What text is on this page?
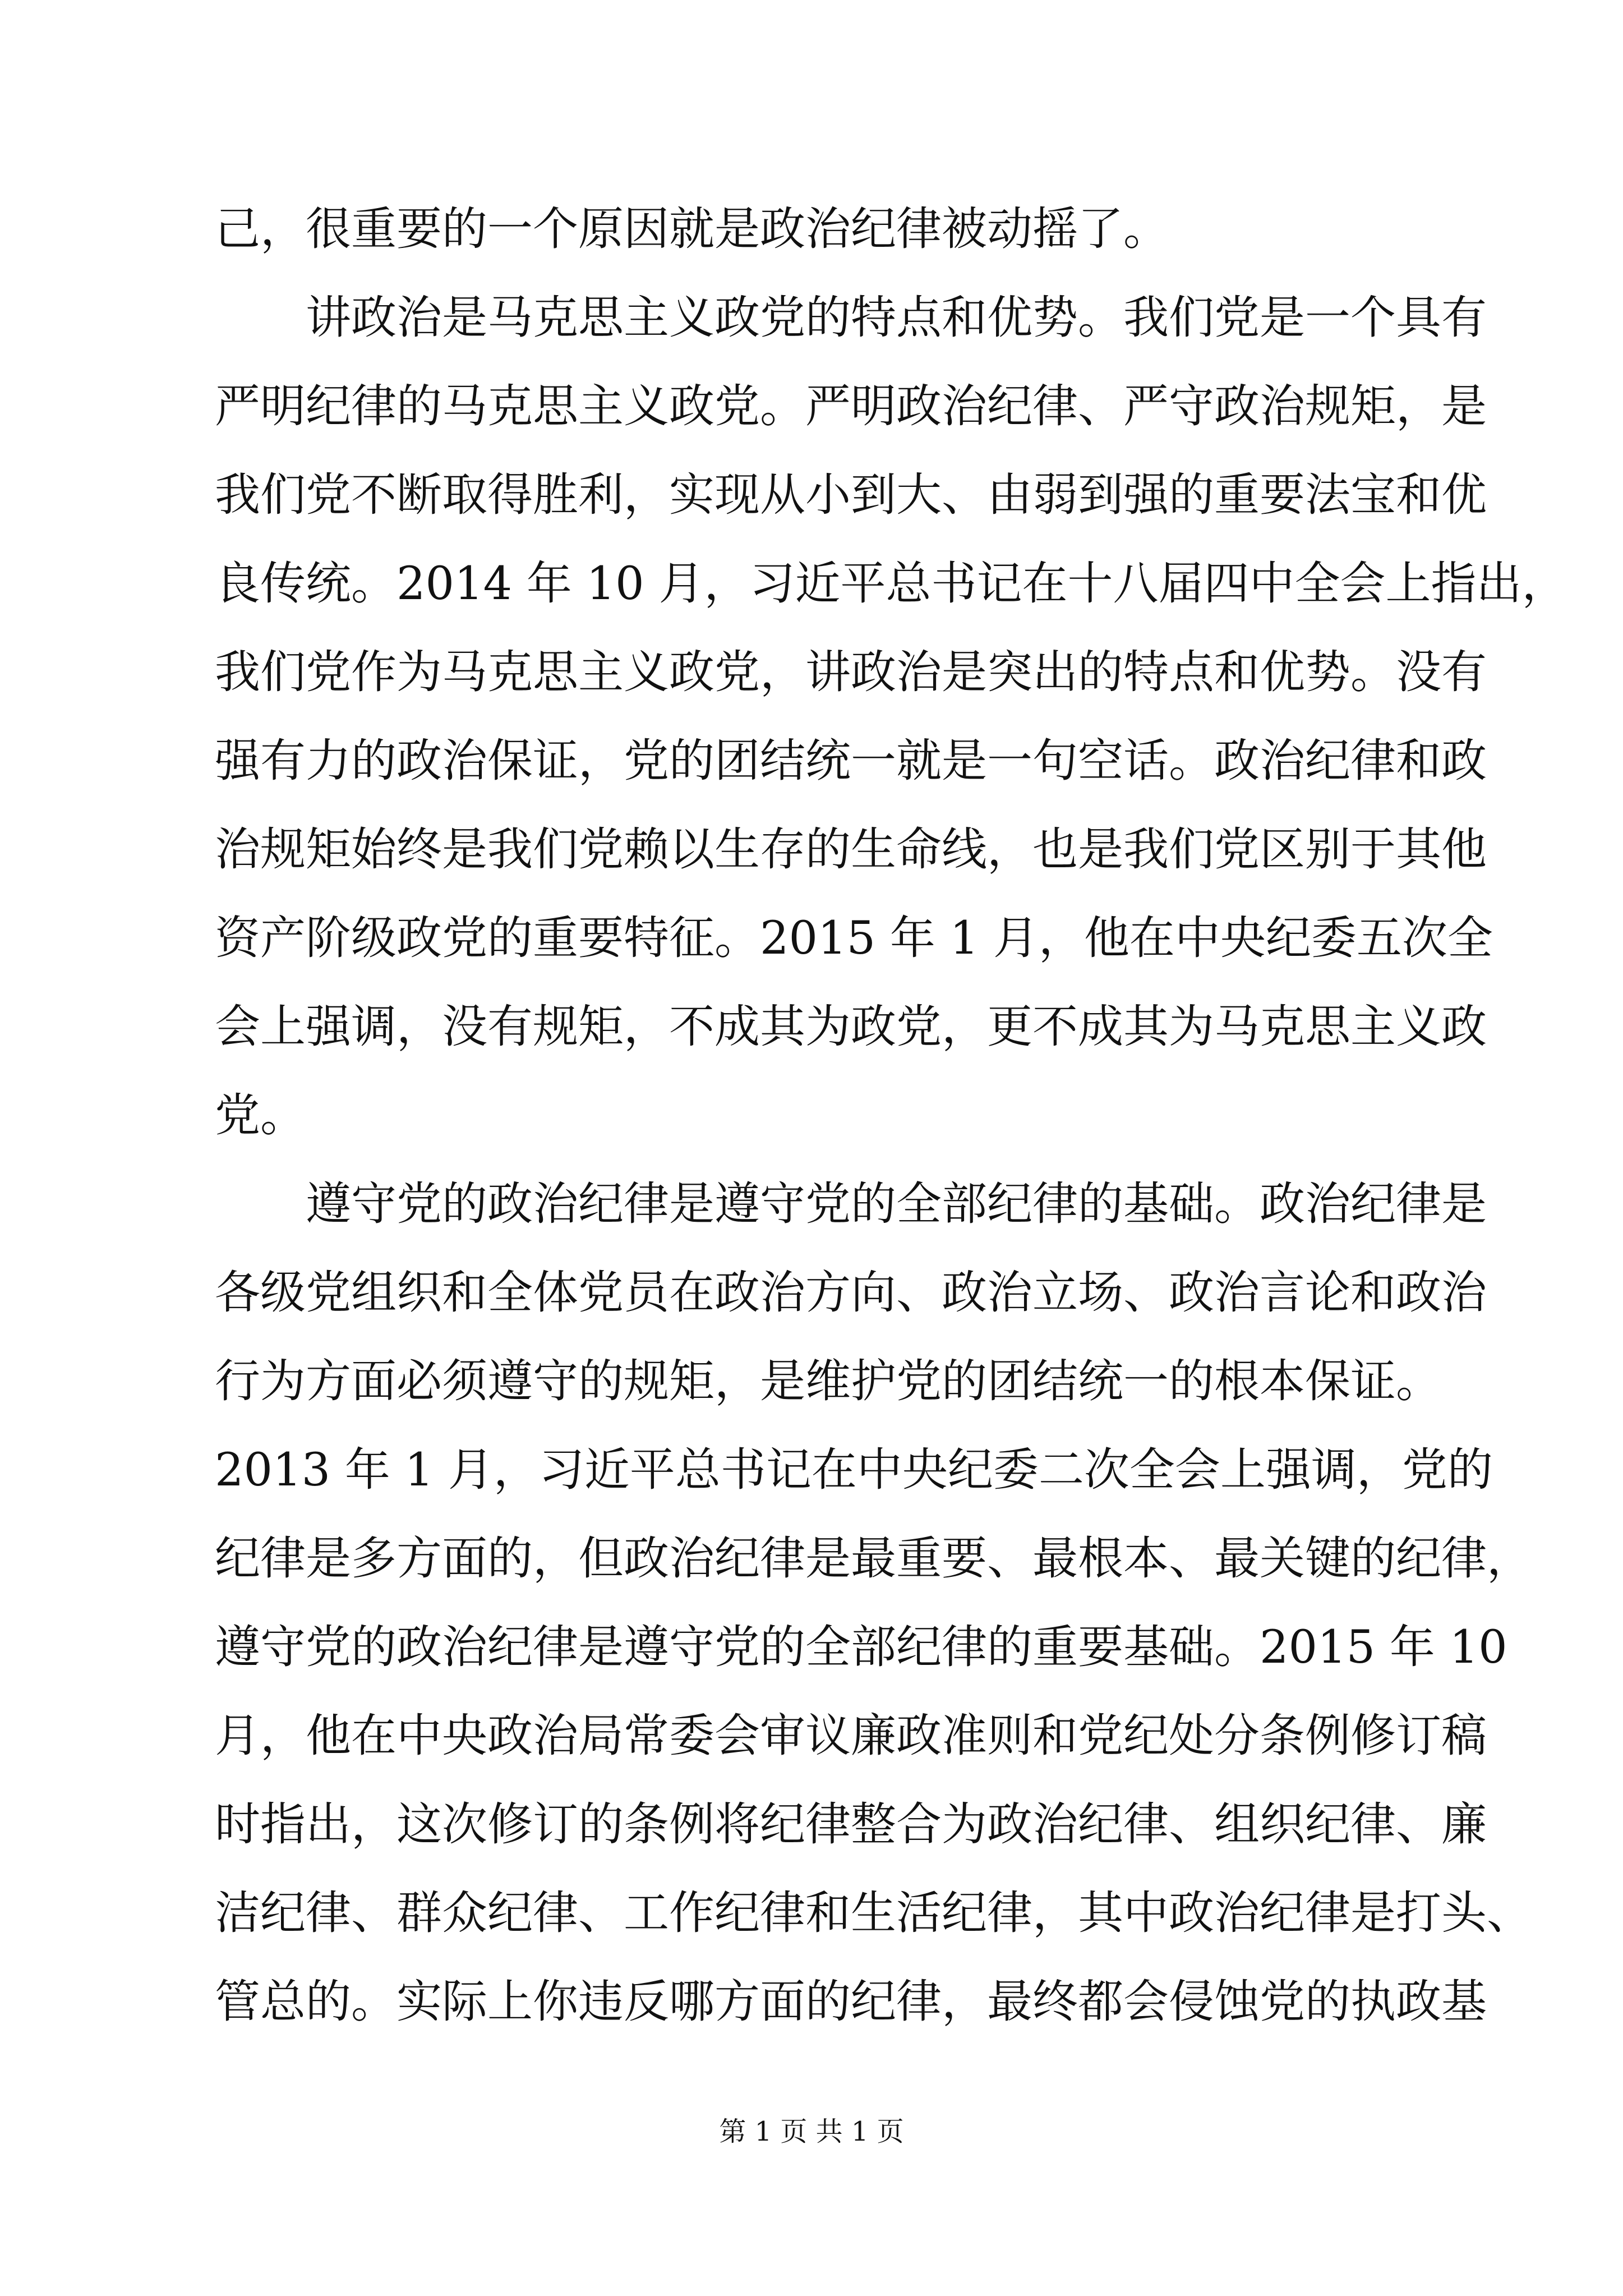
己，很重要的一个原因就是政治纪律被动摇了。
讲政治是马克思主义政党的特点和优势。我们党是一个具有
严明纪律的马克思主义政党。严明政治纪律、严守政治规矩，是
我们党不断取得胜利，实现从小到大、由弱到强的重要法宝和优
良传统。2014 年 10 月，习近平总书记在十八届四中全会上指出，
我们党作为马克思主义政党，讲政治是突出的特点和优势。没有
强有力的政治保证，党的团结统一就是一句空话。政治纪律和政
治规矩始终是我们党赖以生存的生命线，也是我们党区别于其他
资产阶级政党的重要特征。2015 年 1 月，他在中央纪委五次全
会上强调，没有规矩，不成其为政党，更不成其为马克思主义政
党。
遵守党的政治纪律是遵守党的全部纪律的基础。政治纪律是
各级党组织和全体党员在政治方向、政治立场、政治言论和政治
行为方面必须遵守的规矩，是维护党的团结统一的根本保证。
2013 年 1 月，习近平总书记在中央纪委二次全会上强调，党的
纪律是多方面的，但政治纪律是最重要、最根本、最关键的纪律，
遵守党的政治纪律是遵守党的全部纪律的重要基础。2015 年 10
月，他在中央政治局常委会审议廉政准则和党纪处分条例修订稿
时指出，这次修订的条例将纪律整合为政治纪律、组织纪律、廉
洁纪律、群众纪律、工作纪律和生活纪律，其中政治纪律是打头、
管总的。实际上你违反哪方面的纪律，最终都会侵蚀党的执政基
第 1 页 共 1 页
